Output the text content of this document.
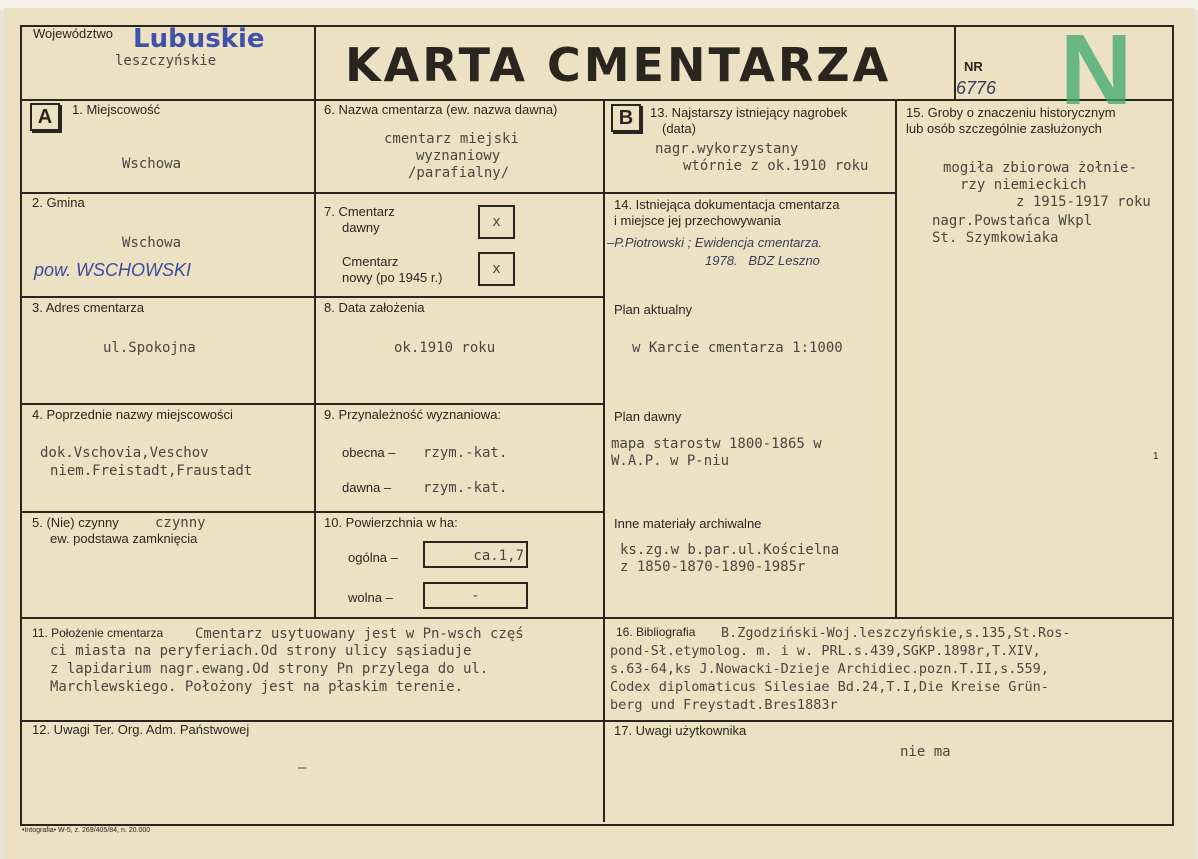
Województwo Lubuskie
leszczyńskie	KARTA CMENTARZA	NR
6776 N
A	1. Miejscowość
Wschowa
2. Gmina
Wschowa
pow. WSCHOWSKI
3. Adres cmentarza
ul.Spokojna
4. Poprzednie nazwy miejscowości
dok.Vschovia,Veschov
niem.Freistadt,Fraustadt
5. (Nie) czynny	czynny
ew. podstawa zamknięcia
6. Nazwa cmentarza (ew. nazwa dawna)
cmentarz miejski
wyznaniowy
/parafialny/
7. Cmentarz
dawny	x
Cmentarz
nowy (po 1945 r.)
x
8. Data założenia
ok.1910 roku
9. Przynależność wyznaniowa:
obecna – rzym.-kat.
dawna – rzym.-kat.
10. Powierzchnia w ha:
ogólna –	ca.1,7
wolna –	-
B	13. Najstarszy istniejący nagrobek
(data)
nagr.wykorzystany
wtórnie z ok.1910 roku
14. Istniejąca dokumentacja cmentarza
i miejsce jej przechowywania
–P.Piotrowski ; Ewidencja cmentarza.
1978.   BDZ Leszno
Plan aktualny
w Karcie cmentarza 1:1000
Plan dawny
mapa starostw 1800-1865 w
W.A.P. w P-niu
Inne materiały archiwalne
ks.zg.w b.par.ul.Kościelna
z 1850-1870-1890-1985r
15. Groby o znaczeniu historycznym
lub osób szczególnie zasłużonych
mogiła zbiorowa żołnie-
rzy niemieckich
z 1915-1917 roku
nagr.Powstańca Wkpl
St. Szymkowiaka
1
11. Położenie cmentarza Cmentarz usytuowany jest w Pn-wsch częś
ci miasta na peryferiach.Od strony ulicy sąsiaduje
z lapidarium nagr.ewang.Od strony Pn przylega do ul.
Marchlewskiego. Położony jest na płaskim terenie.
16. Bibliografia B.Zgodziński-Woj.leszczyńskie,s.135,St.Ros-
pond-Sł.etymolog. m. i w. PRL.s.439,SGKP.1898r,T.XIV,
s.63-64,ks J.Nowacki-Dzieje Archidiec.pozn.T.II,s.559,
Codex diplomaticus Silesiae Bd.24,T.I,Die Kreise Grün-
berg und Freystadt.Bres1883r
12. Uwagi Ter. Org. Adm. Państwowej
–
17. Uwagi użytkownika
nie ma
•Intografia• W-5, z. 269/405/84, n. 20.000
